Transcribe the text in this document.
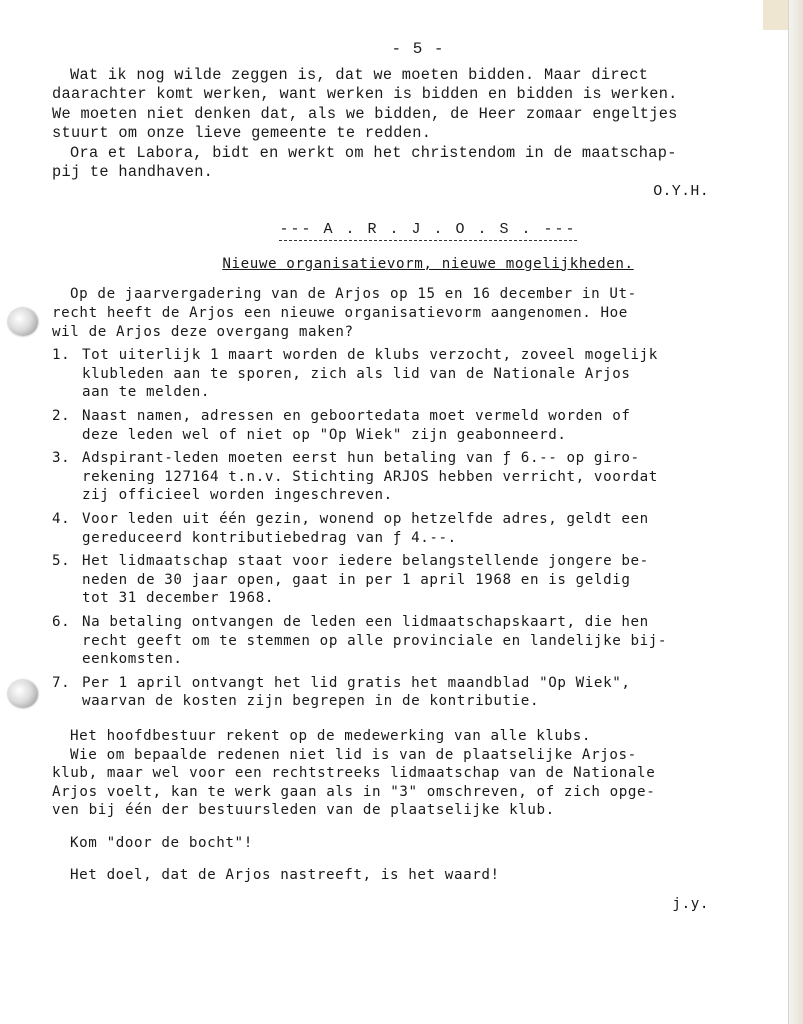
- 5 -
Wat ik nog wilde zeggen is, dat we moeten bidden. Maar direct
daarachter komt werken, want werken is bidden en bidden is werken.
We moeten niet denken dat, als we bidden, de Heer zomaar engeltjes
stuurt om onze lieve gemeente te redden.
Ora et Labora, bidt en werkt om het christendom in de maatschap-
pij te handhaven.
O.Y.H.
--- A . R . J . O . S . ---
Nieuwe organisatievorm, nieuwe mogelijkheden.
Op de jaarvergadering van de Arjos op 15 en 16 december in Ut-
recht heeft de Arjos een nieuwe organisatievorm aangenomen. Hoe
wil de Arjos deze overgang maken?
1. Tot uiterlijk 1 maart worden de klubs verzocht, zoveel mogelijk
klubleden aan te sporen, zich als lid van de Nationale Arjos
aan te melden.
2. Naast namen, adressen en geboortedata moet vermeld worden of
deze leden wel of niet op "Op Wiek" zijn geabonneerd.
3. Adspirant-leden moeten eerst hun betaling van ƒ 6.-- op giro-
rekening 127164 t.n.v. Stichting ARJOS hebben verricht, voordat
zij officieel worden ingeschreven.
4. Voor leden uit één gezin, wonend op hetzelfde adres, geldt een
gereduceerd kontributiebedrag van ƒ 4.--.
5. Het lidmaatschap staat voor iedere belangstellende jongere be-
neden de 30 jaar open, gaat in per 1 april 1968 en is geldig
tot 31 december 1968.
6. Na betaling ontvangen de leden een lidmaatschapskaart, die hen
recht geeft om te stemmen op alle provinciale en landelijke bij-
eenkomsten.
7. Per 1 april ontvangt het lid gratis het maandblad "Op Wiek",
waarvan de kosten zijn begrepen in de kontributie.
Het hoofdbestuur rekent op de medewerking van alle klubs.
Wie om bepaalde redenen niet lid is van de plaatselijke Arjos-
klub, maar wel voor een rechtstreeks lidmaatschap van de Nationale
Arjos voelt, kan te werk gaan als in "3" omschreven, of zich opge-
ven bij één der bestuursleden van de plaatselijke klub.
Kom "door de bocht"!
Het doel, dat de Arjos nastreeft, is het waard!
j.y.
